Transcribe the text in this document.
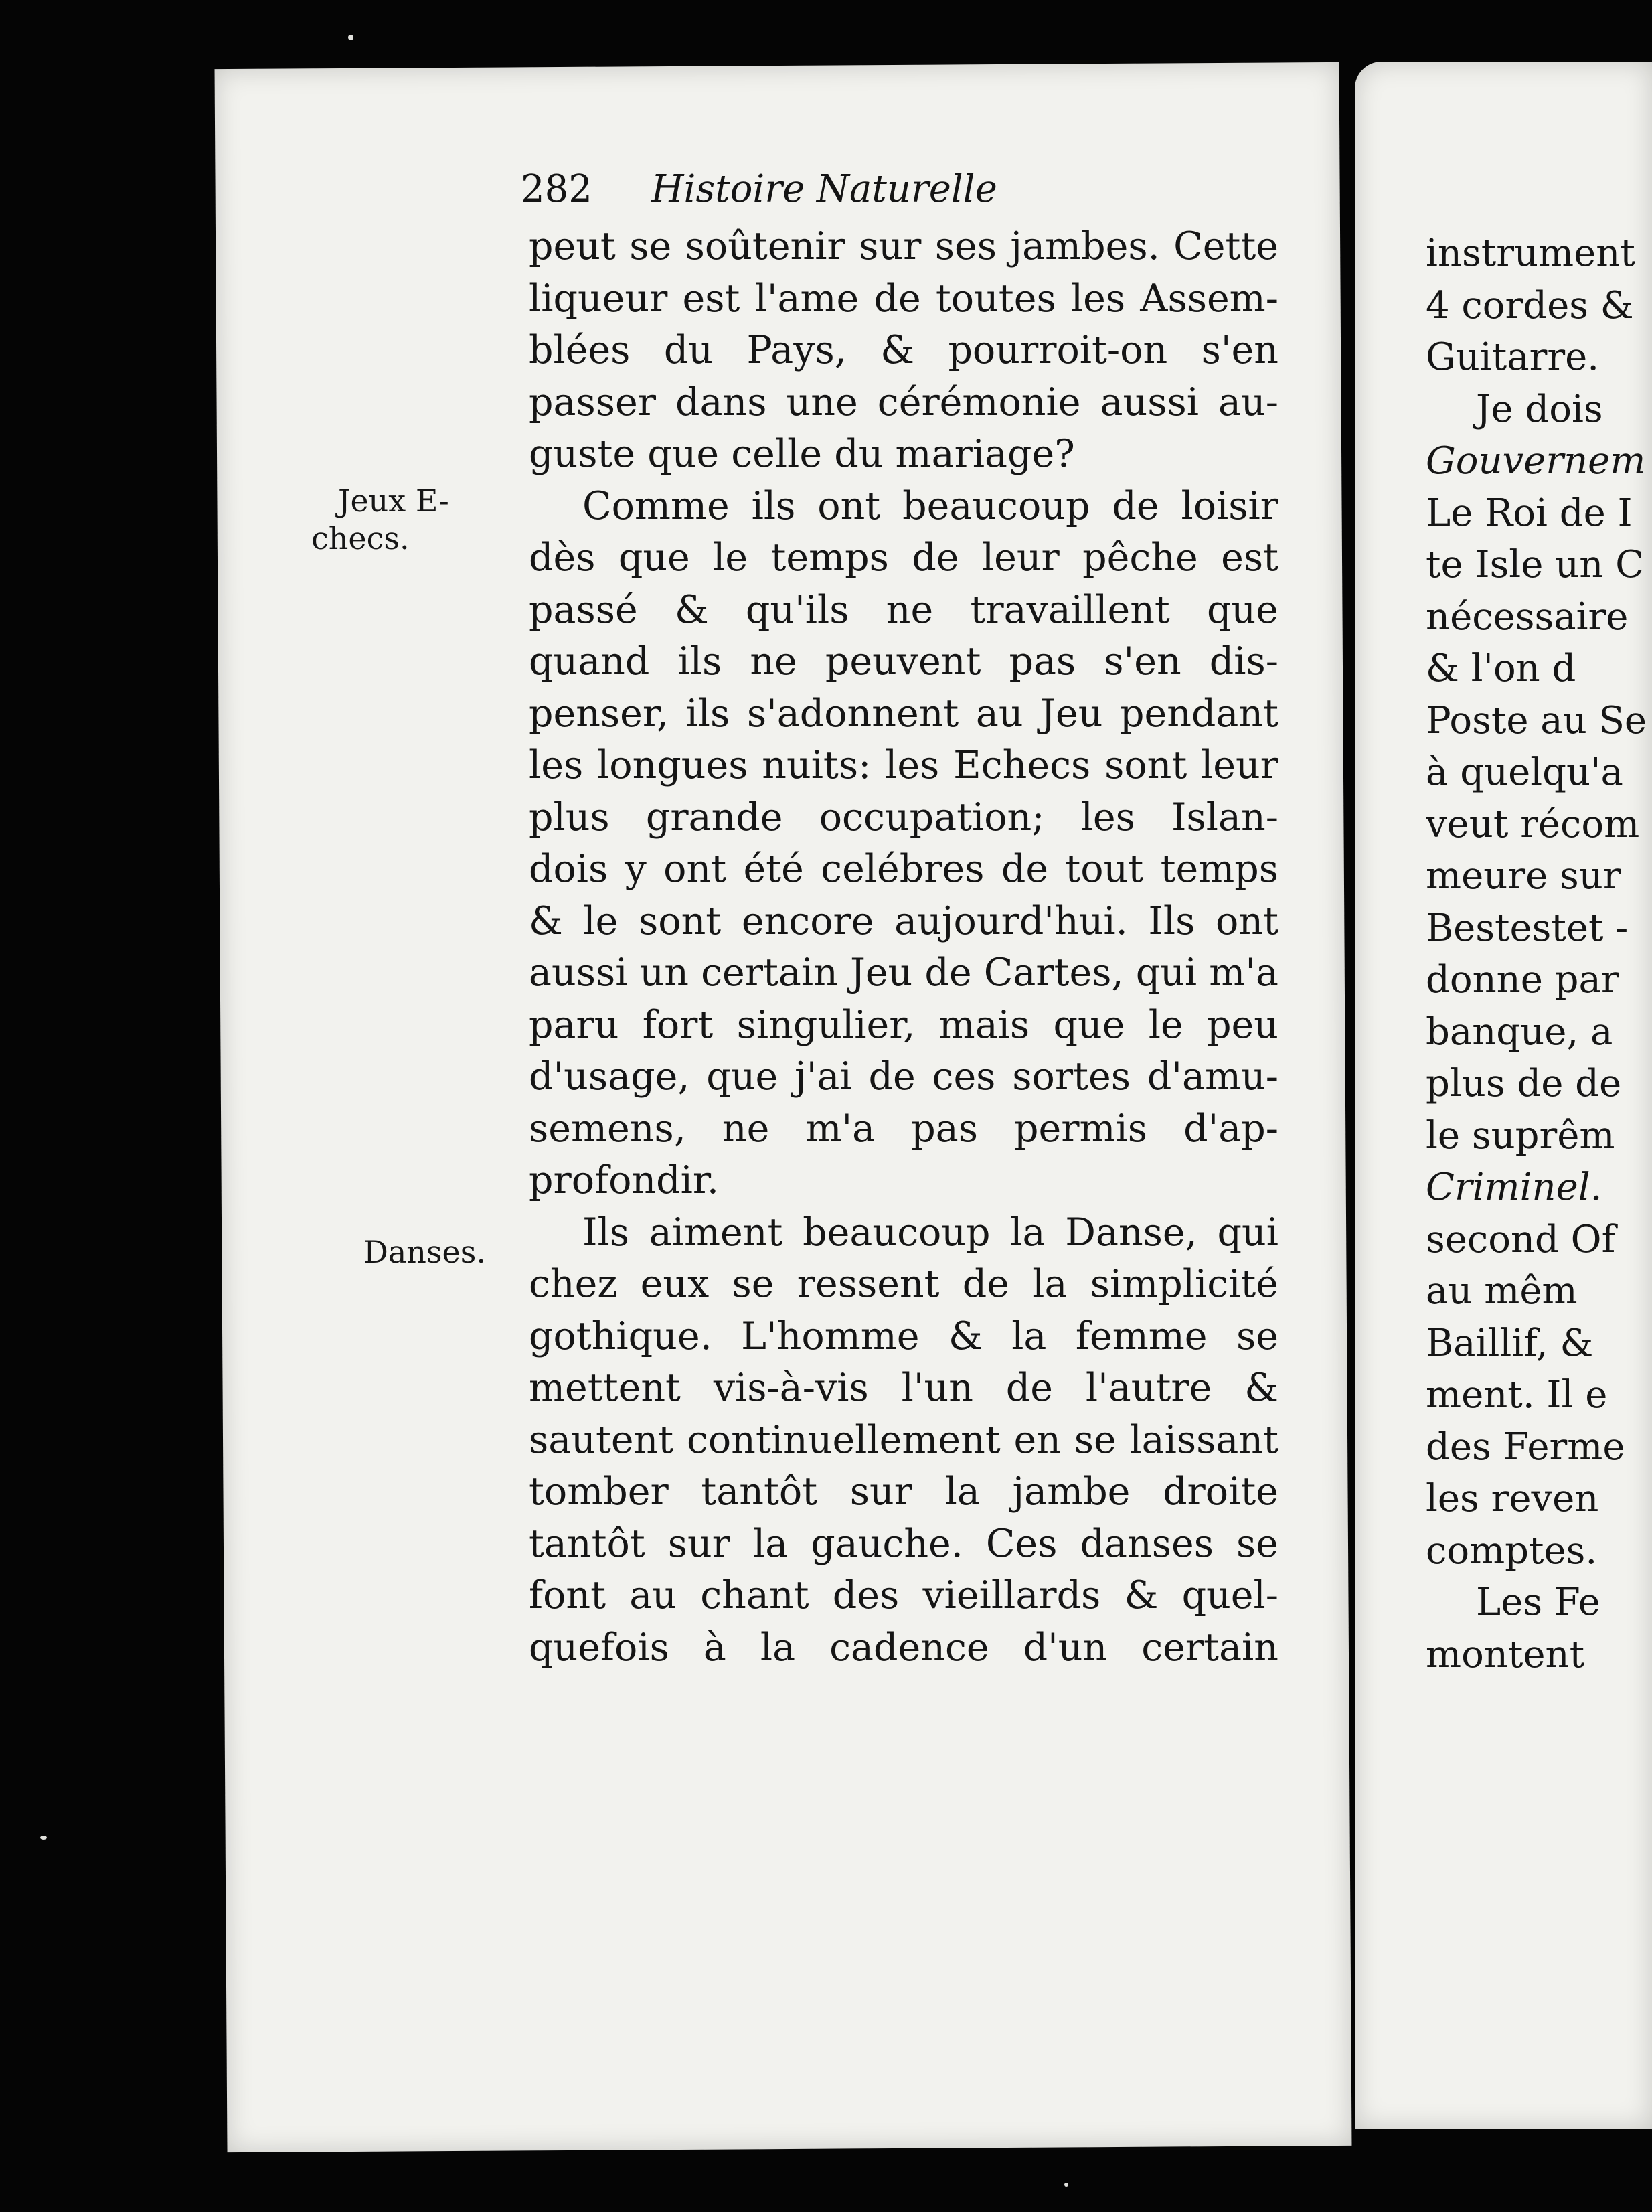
282 Histoire Naturelle
Jeux E-
checs.
Danses.
peut se soûtenir sur ses jambes. Cette
liqueur est l'ame de toutes les Assem-
blées du Pays, & pourroit-on s'en
passer dans une cérémonie aussi au-
guste que celle du mariage?
Comme ils ont beaucoup de loisir
dès que le temps de leur pêche est
passé & qu'ils ne travaillent que
quand ils ne peuvent pas s'en dis-
penser, ils s'adonnent au Jeu pendant
les longues nuits: les Echecs sont leur
plus grande occupation; les Islan-
dois y ont été celébres de tout temps
& le sont encore aujourd'hui. Ils ont
aussi un certain Jeu de Cartes, qui m'a
paru fort singulier, mais que le peu
d'usage, que j'ai de ces sortes d'amu-
semens, ne m'a pas permis d'ap-
profondir.
Ils aiment beaucoup la Danse, qui
chez eux se ressent de la simplicité
gothique. L'homme & la femme se
mettent vis-à-vis l'un de l'autre &
sautent continuellement en se laissant
tomber tantôt sur la jambe droite
tantôt sur la gauche. Ces danses se
font au chant des vieillards & quel-
quefois à la cadence d'un certain
instrument
4 cordes &
Guitarre.
Je dois
Gouvernem
Le Roi de I
te Isle un C
nécessaire
& l'on d
Poste au Se
à quelqu'a
veut récom
meure sur
Bestestet -
donne par
banque, a
plus de de
le suprêm
Criminel.
second Of
au mêm
Baillif, &
ment. Il e
des Ferme
les reven
comptes.
Les Fe
montent
